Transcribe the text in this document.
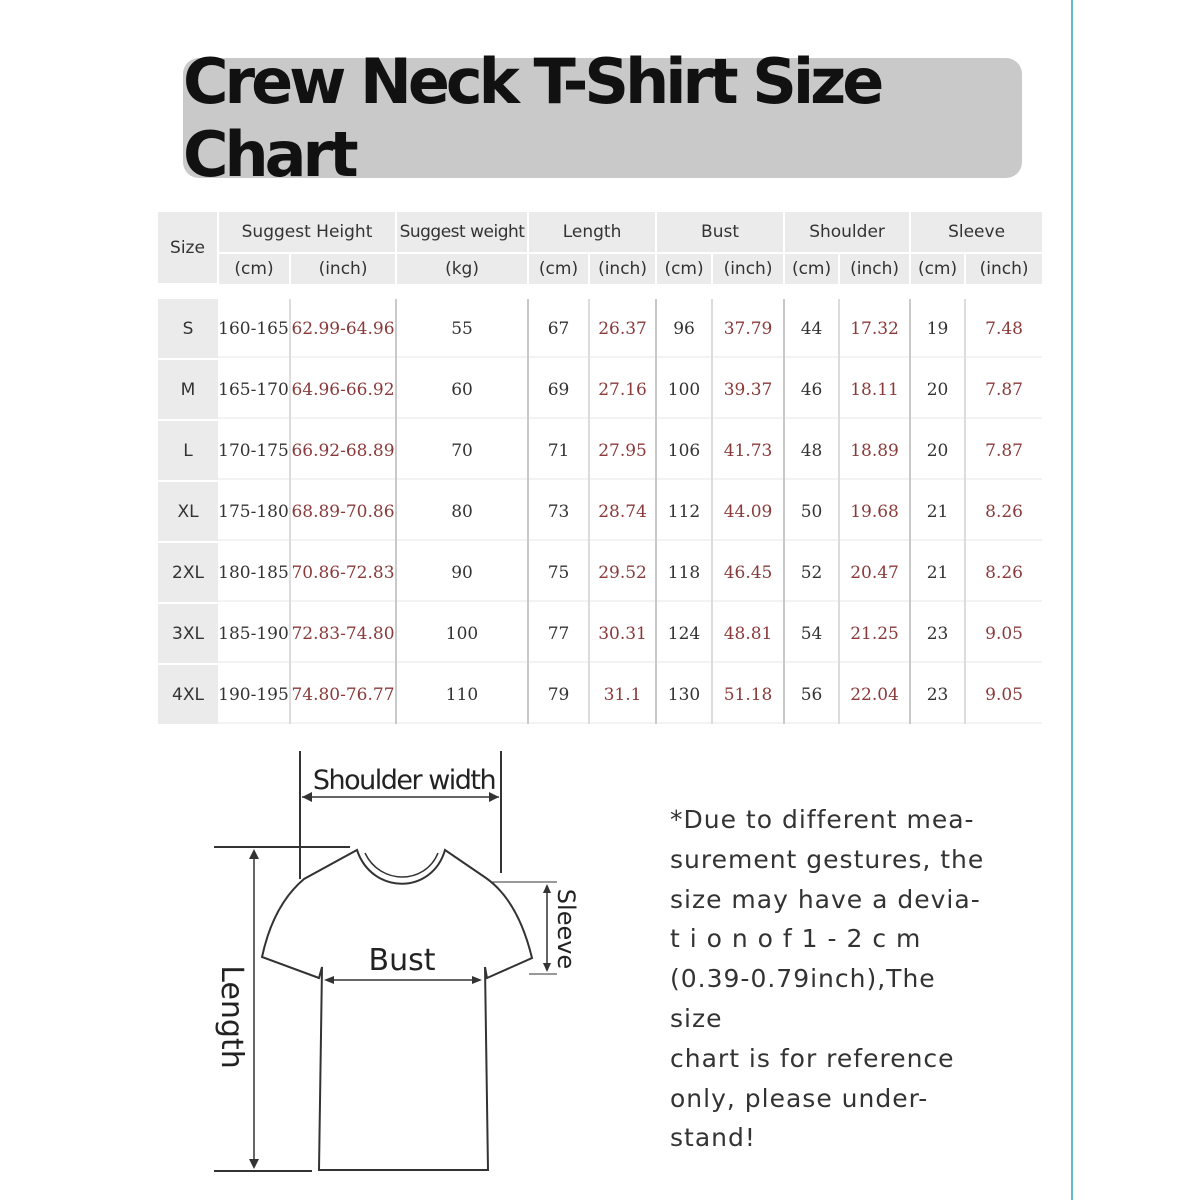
Crew Neck T-Shirt Size Chart
Size	Suggest Height		Suggest weight	Length		Bust		Shoulder		Sleeve	
	(cm)	(inch)	(kg)	(cm)	(inch)	(cm)	(inch)	(cm)	(inch)	(cm)	(inch)

S	160-165	62.99-64.96	55	67	26.37	96	37.79	44	17.32	19	7.48
M	165-170	64.96-66.92	60	69	27.16	100	39.37	46	18.11	20	7.87
L	170-175	66.92-68.89	70	71	27.95	106	41.73	48	18.89	20	7.87
XL	175-180	68.89-70.86	80	73	28.74	112	44.09	50	19.68	21	8.26
2XL	180-185	70.86-72.83	90	75	29.52	118	46.45	52	20.47	21	8.26
3XL	185-190	72.83-74.80	100	77	30.31	124	48.81	54	21.25	23	9.05
4XL	190-195	74.80-76.77	110	79	31.1	130	51.18	56	22.04	23	9.05
Shoulder width
Bust	Sleeve
Length

*Due to different mea-
surement gestures, the
size may have a devia-
t i o n o f 1 - 2 c m
(0.39-0.79inch),The size
chart is for reference
only, please under-
stand!
